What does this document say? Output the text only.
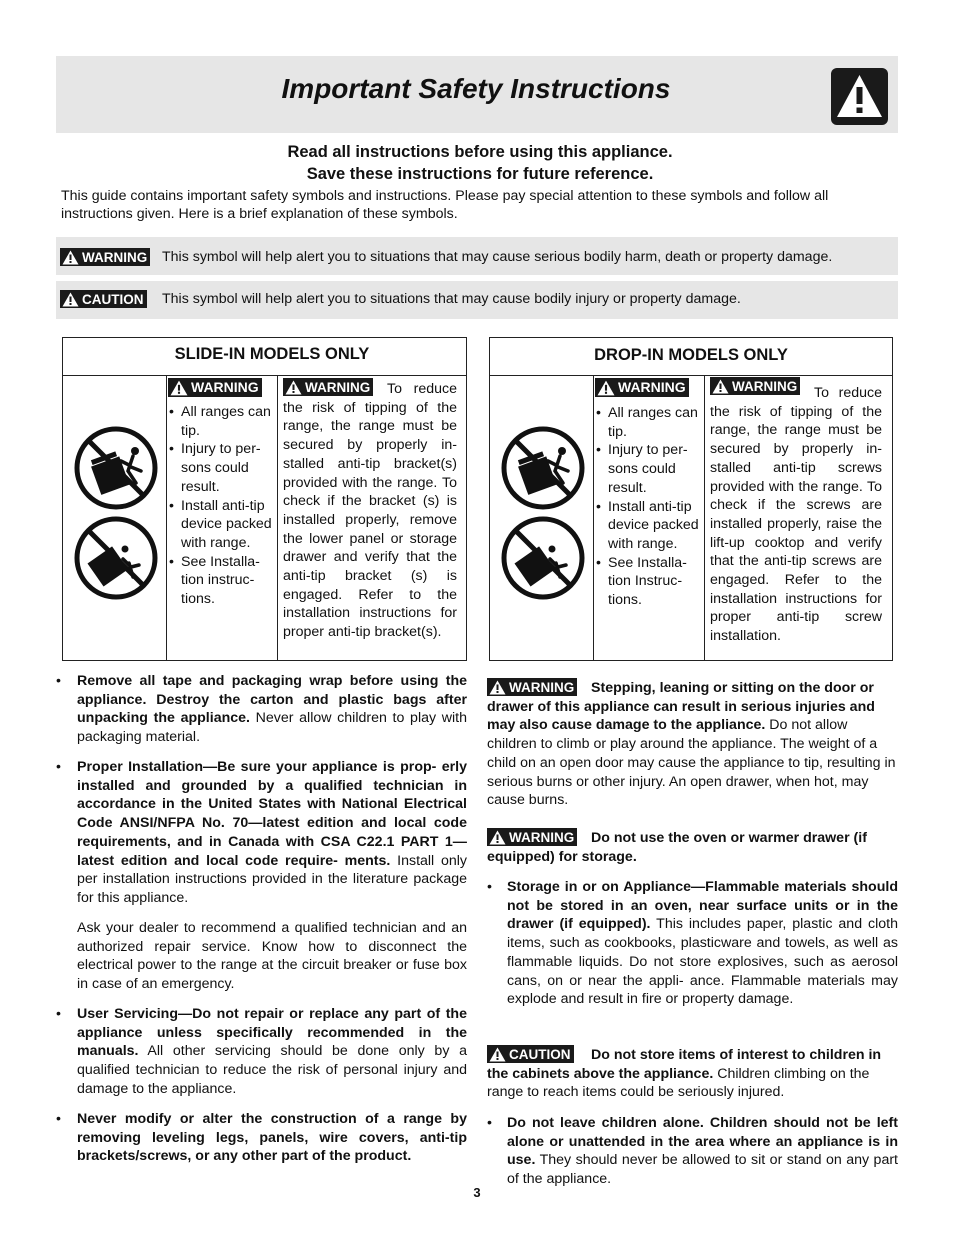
Important Safety Instructions
Read all instructions before using this appliance.
Save these instructions for future reference.
This guide contains important safety symbols and instructions. Please pay special attention to these symbols and follow all instructions given. Here is a brief explanation of these symbols.
WARNING This symbol will help alert you to situations that may cause serious bodily harm, death or property damage.
CAUTION This symbol will help alert you to situations that may cause bodily injury or property damage.
SLIDE-IN MODELS ONLY
WARNING
• All ranges can tip.
• Injury to per- sons could result.
• Install anti-tip device packed with range.
• See Installa- tion instruc- tions.
To reduce the risk of tipping of the range, the range must be secured by properly in- stalled anti-tip bracket(s) provided with the range. To check if the bracket (s) is installed properly, remove the lower panel or storage drawer and verify that the anti-tip bracket (s) is engaged. Refer to the installation instructions for proper anti-tip bracket(s).
WARNING
DROP-IN MODELS ONLY
WARNING
• All ranges can tip.
• Injury to per- sons could result.
• Install anti-tip device packed with range.
• See Installa- tion Instruc- tions.
To reduce the risk of tipping of the range, the range must be secured by properly in- stalled anti-tip screws provided with the range. To check if the screws are installed properly, raise the lift-up cooktop and verify that the anti-tip screws are engaged. Refer to the installation instructions for proper anti-tip screw installation.
WARNING
• Remove all tape and packaging wrap before using the appliance. Destroy the carton and plastic bags after unpacking the appliance. Never allow children to play with packaging material.
• Proper Installation—Be sure your appliance is prop- erly installed and grounded by a qualified technician in accordance in the United States with National Electrical Code ANSI/NFPA No. 70—latest edition and local code requirements, and in Canada with CSA C22.1 PART 1—latest edition and local code require- ments. Install only per installation instructions provided in the literature package for this appliance.
Ask your dealer to recommend a qualified technician and an authorized repair service. Know how to disconnect the electrical power to the range at the circuit breaker or fuse box in case of an emergency.
• User Servicing—Do not repair or replace any part of the appliance unless specifically recommended in the manuals. All other servicing should be done only by a qualified technician to reduce the risk of personal injury and damage to the appliance.
• Never modify or alter the construction of a range by removing leveling legs, panels, wire covers, anti-tip brackets/screws, or any other part of the product.
Stepping, leaning or sitting on the door or drawer of this appliance can result in serious injuries and may also cause damage to the appliance. Do not allow children to climb or play around the appliance. The weight of a child on an open door may cause the appliance to tip, resulting in serious burns or other injury. An open drawer, when hot, may cause burns.
WARNING
Do not use the oven or warmer drawer (if equipped) for storage.
WARNING
• Storage in or on Appliance—Flammable materials should not be stored in an oven, near surface units or in the drawer (if equipped). This includes paper, plastic and cloth items, such as cookbooks, plasticware and towels, as well as flammable liquids. Do not store explosives, such as aerosol cans, on or near the appli- ance. Flammable materials may explode and result in fire or property damage.
Do not store items of interest to children in the cabinets above the appliance. Children climbing on the range to reach items could be seriously injured.
CAUTION
• Do not leave children alone. Children should not be left alone or unattended in the area where an appliance is in use. They should never be allowed to sit or stand on any part of the appliance.
3
